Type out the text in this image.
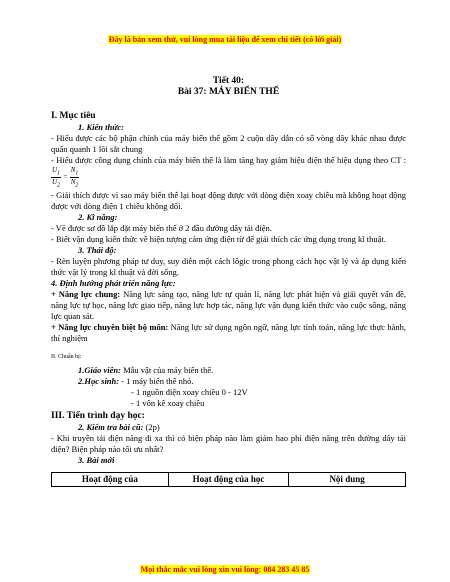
Đây là bản xem thử, vui lòng mua tài liệu để xem chi tiết (có lời giải)

Tiết 40:

Bài 37: MÁY BIẾN THẾ

I. Mục tiêu

1. Kiến thức:

- Hiểu được các bộ phận chính của máy biến thế gồm 2 cuộn dây dẫn có số vòng dây khác nhau được quấn quanh 1 lõi sắt chung

- Hiểu được công dụng chính của máy biến thế là làm tăng hay giảm hiệu điện thế hiệu dụng theo CT :
$\frac{U_1}{U_2} = \frac{N_1}{N_2}$

- Giải thích được vì sao máy biến thế lại hoạt động được với dòng điện xoay chiều mà không hoạt động được với dòng điện 1 chiều không đổi.

2. Kĩ năng:

- Vẽ được sơ đồ lắp đặt máy biến thế ở 2 đầu đường dây tải điện.

- Biết vận dụng kiến thức về hiện tượng cảm ứng điện từ để giải thích các ứng dụng trong kĩ thuật.

3. Thái độ:

- Rèn luyện phương pháp tư duy, suy diễn một cách lôgic trong phong cách học vật lý và áp dụng kiến thức vật lý trong kĩ thuật và đời sống.

4. Định hướng phát triển năng lực:

+ Năng lực chung: Năng lực sáng tạo, năng lực tự quản lí, năng lực phát hiện và giải quyết vấn đề, năng lực tự học, năng lực giao tiếp, năng lực hợp tác, năng lực vận dụng kiến thức vào cuộc sống, năng lực quan sát.

+ Năng lực chuyên biệt bộ môn: Năng lực sử dụng ngôn ngữ, năng lực tính toán, năng lực thực hành, thí nghiệm

II. Chuẩn bị:

1.Giáo viên: Mẫu vật của máy biến thế.

2.Học sinh: - 1 máy biến thế nhỏ.

- 1 nguồn điện xoay chiều 0 - 12V

- 1 vôn kế xoay chiều

III. Tiến trình dạy học:

2. Kiểm tra bài cũ: (2p)

- Khi truyền tải điện năng đi xa thì có biện pháp nào làm giảm hao phí điện năng trên đường dây tải điện? Biện pháp nào tối ưu nhất?

3. Bài mới

Hoạt động của	Hoạt động của học	Nội dung
Mọi thắc mắc vui lòng xin vui lòng: 084 283 45 85
